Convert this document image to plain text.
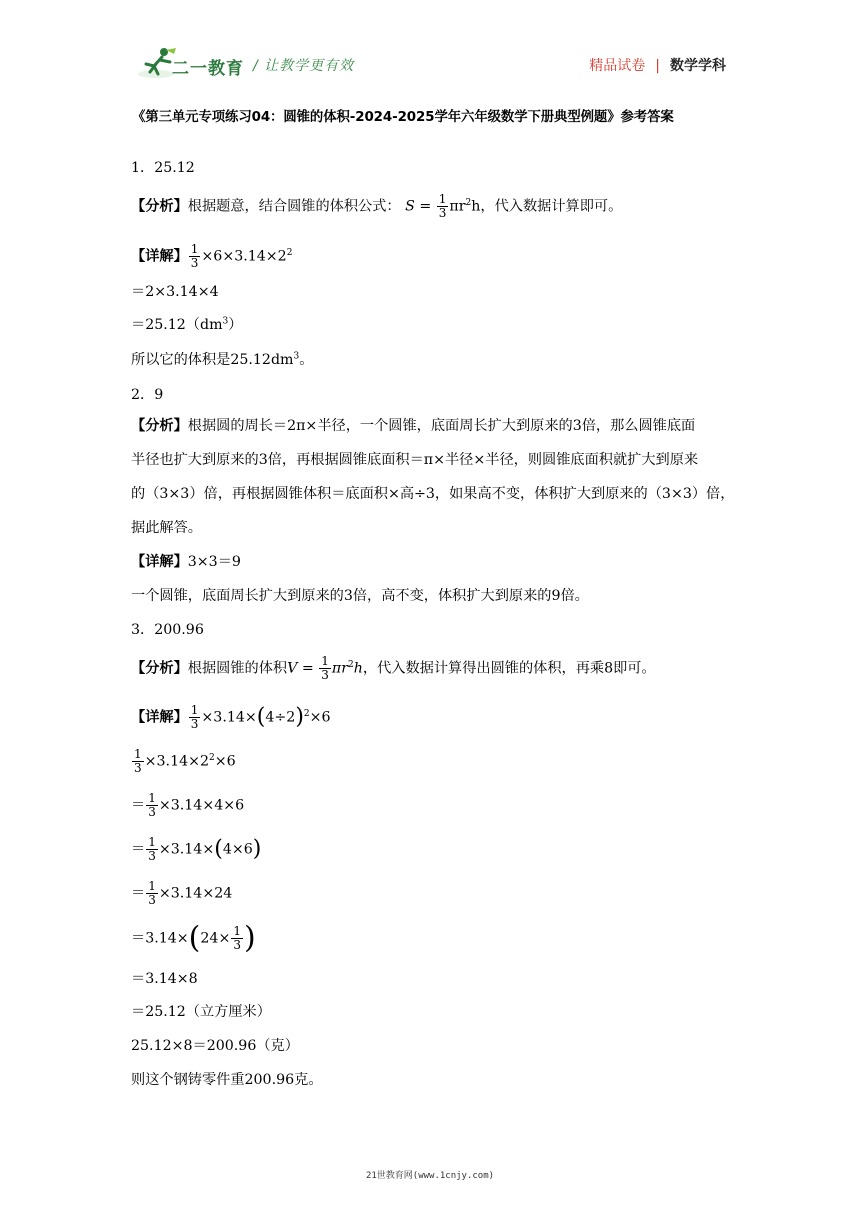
二一教育 / 让教学更有效	精品试卷 | 数学学科
《第三单元专项练习04：圆锥的体积-2024-2025学年六年级数学下册典型例题》参考答案
1．25.12
【分析】根据题意，结合圆锥的体积公式： $S = \frac{1}{3} \pi r^2h$，代入数据计算即可。
【详解】 $\frac{1}{3} \times 6\times 3.14\times 2^2$
＝2×3.14×4
$=25.12(dm^3)$
所以它的体积是$25.12dm^3$。
2．9
【分析】根据圆的周长＝2π×半径，一个圆锥，底面周长扩大到原来的3倍，那么圆锥底面
半径也扩大到原来的3倍，再根据圆锥底面积＝π×半径×半径，则圆锥底面积就扩大到原来
的（3×3）倍，再根据圆锥体积＝底面积×高÷3，如果高不变，体积扩大到原来的（3×3）倍，
据此解答。
【详解】3×3＝9
一个圆锥，底面周长扩大到原来的3倍，高不变，体积扩大到原来的9倍。
3．200.96
【分析】根据圆锥的体积$V = \frac{1}{3} \pi r^2h$，代入数据计算得出圆锥的体积，再乘8即可。
【详解】 $\frac{1}{3} \times 3.14\times(4\div 2)^2\times 6$
$\frac{1}{3} \times 3.14\times 2^2\times 6$
＝ $\frac{1}{3} \times 3.14\times 4\times 6$
＝ $\frac{1}{3} \times 3.14\times(4\times 6)$
＝ $\frac{1}{3} \times 3.14\times 24$
$=3.14\times(24\times \frac{1}{3}$ )
＝3.14×8
＝25.12（立方厘米）
25.12×8＝200.96（克）
则这个钢铸零件重200.96克。
21世教育网(www.1cnjy.com)
